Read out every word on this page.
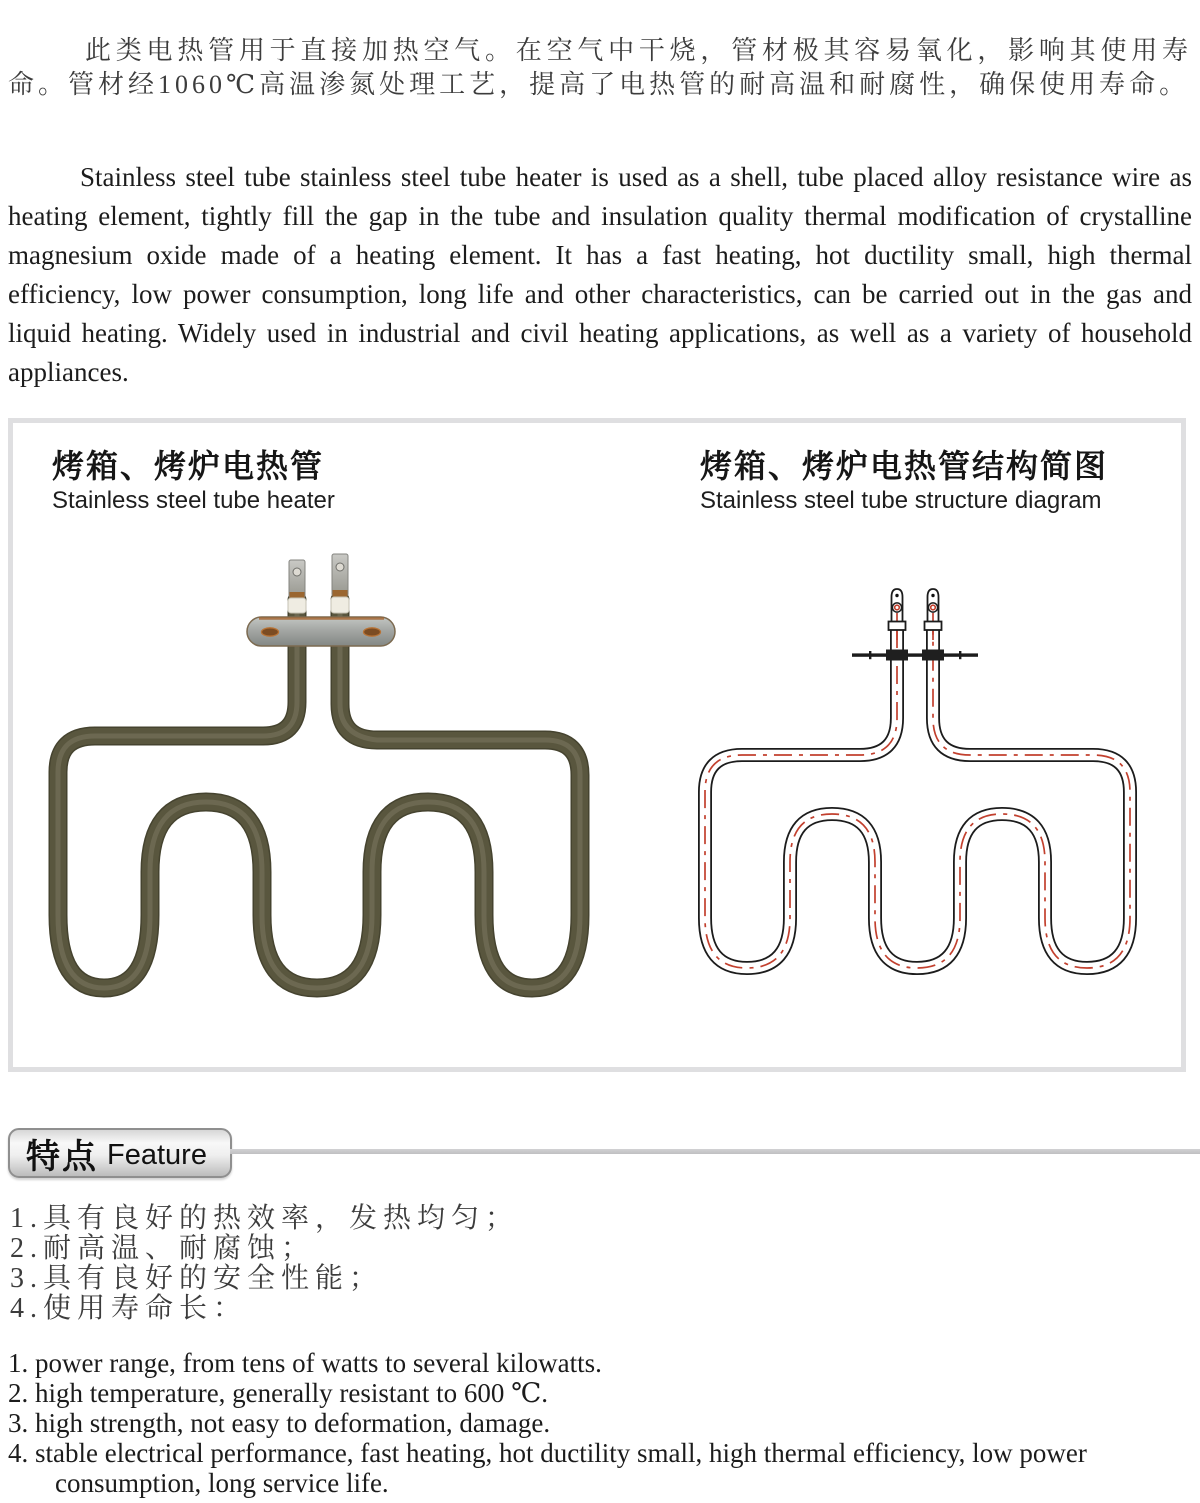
此类电热管用于直接加热空气。在空气中干烧，管材极其容易氧化，影响其使用寿命。管材经1060℃高温渗氮处理工艺，提高了电热管的耐高温和耐腐性，确保使用寿命。

Stainless steel tube stainless steel tube heater is used as a shell, tube placed alloy resistance wire as heating element, tightly fill the gap in the tube and insulation quality thermal modification of crystalline magnesium oxide made of a heating element. It has a fast heating, hot ductility small, high thermal efficiency, low power consumption, long life and other characteristics, can be carried out in the gas and liquid heating. Widely used in industrial and civil heating applications, as well as a variety of household appliances.

烤箱、烤炉电热管
Stainless steel tube heater
烤箱、烤炉电热管结构简图
Stainless steel tube structure diagram
特点 Feature
1.具有良好的热效率，发热均匀；
2.耐高温、耐腐蚀；
3.具有良好的安全性能；
4.使用寿命长：
1. power range, from tens of watts to several kilowatts.
2. high temperature, generally resistant to 600 ℃.
3. high strength, not easy to deformation, damage.
4. stable electrical performance, fast heating, hot ductility small, high thermal efficiency, low power consumption, long service life.
